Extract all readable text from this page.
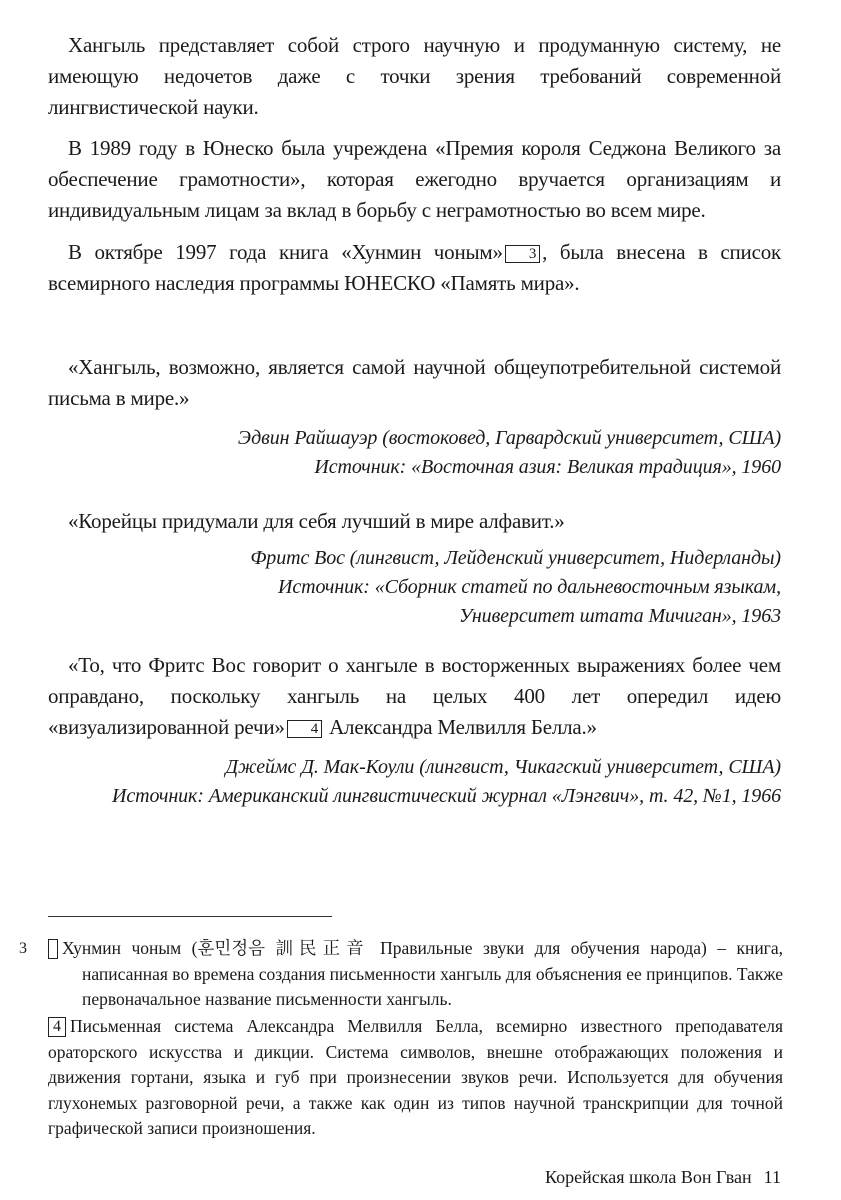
Хангыль представляет собой строго научную и продуманную систему, не имеющую недочетов даже с точки зрения требований современной лингвистической науки.

В 1989 году в Юнеско была учреждена «Премия короля Седжона Великого за обеспечение грамотности», которая ежегодно вручается организациям и индивидуальным лицам за вклад в борьбу с неграмотностью во всем мире.

В октябре 1997 года книга «Хунмин чоным» 3 , была внесена в список всемирного наследия программы ЮНЕСКО «Память мира».

«Хангыль, возможно, является самой научной общеупотребительной системой письма в мире.»

Эдвин Райшауэр (востоковед, Гарвардский университет, США)
Источник: «Восточная азия: Великая традиция», 1960

«Корейцы придумали для себя лучший в мире алфавит.»

Фритс Вос (лингвист, Лейденский университет, Нидерланды)
Источник: «Сборник статей по дальневосточным языкам, Университет штата Мичиган», 1963

«То, что Фритс Вос говорит о хангыле в восторженных выражениях более чем оправдано, поскольку хангыль на целых 400 лет опередил идею «визуализированной речи» 4 Александра Мелвилля Белла.»

Джеймс Д. Мак-Коули (лингвист, Чикагский университет, США)
Источник: Американский лингвистический журнал «Лэнгвич», т. 42, №1, 1966
3 Хунмин чоным (훈민정음 訓民正音 Правильные звуки для обучения народа) – книга, написанная во времена создания письменности хангыль для объяснения ее принципов. Также первоначальное название письменности хангыль.
4 Письменная система Александра Мелвилля Белла, всемирно известного преподавателя ораторского искусства и дикции. Система символов, внешне отображающих положения и движения гортани, языка и губ при произнесении звуков речи. Используется для обучения глухонемых разговорной речи, а также как один из типов научной транскрипции для точной графической записи произношения.
Корейская школа Вон Гван 11
